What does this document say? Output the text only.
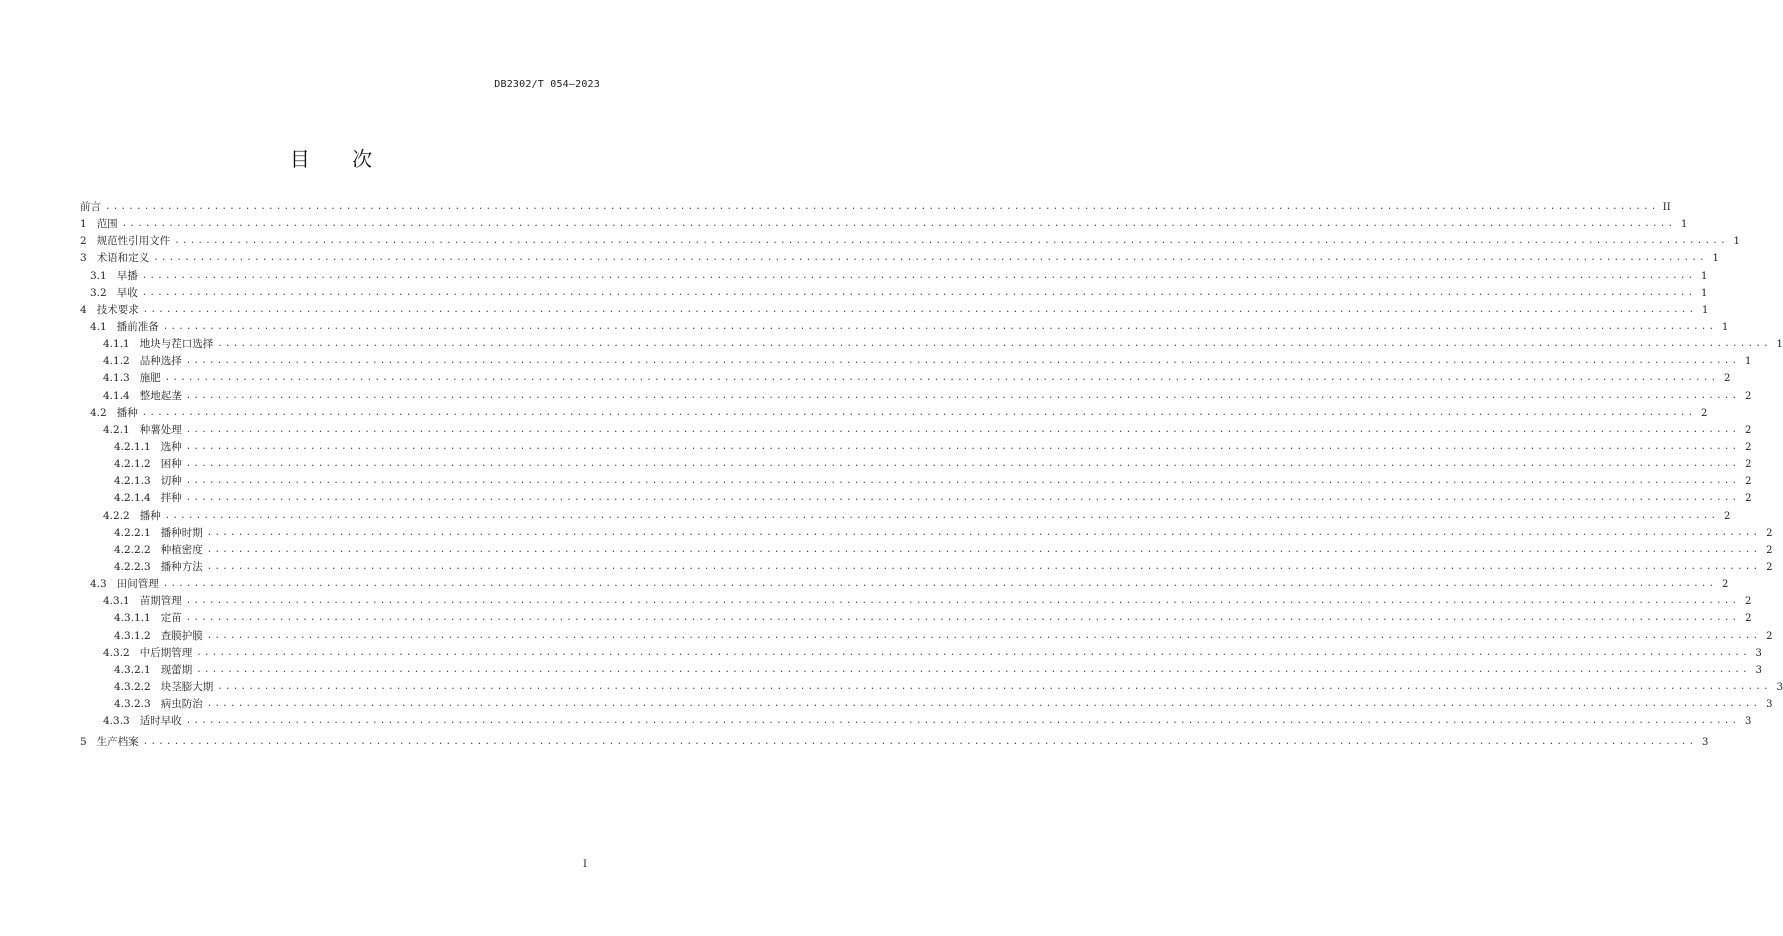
DB2302/T 054—2023
目 次
前言 ........................................................................................................................................................................................................ II
1 范围 ........................................................................................................................................................................................................ 1
2 规范性引用文件 ........................................................................................................................................................................................................ 1
3 术语和定义 ........................................................................................................................................................................................................ 1
3.1 早播 ........................................................................................................................................................................................................ 1
3.2 早收 ........................................................................................................................................................................................................ 1
4 技术要求 ........................................................................................................................................................................................................ 1
4.1 播前准备 ........................................................................................................................................................................................................ 1
4.1.1 地块与茬口选择 ........................................................................................................................................................................................................ 1
4.1.2 品种选择 ........................................................................................................................................................................................................ 1
4.1.3 施肥 ........................................................................................................................................................................................................ 2
4.1.4 整地起垄 ........................................................................................................................................................................................................ 2
4.2 播种 ........................................................................................................................................................................................................ 2
4.2.1 种薯处理 ........................................................................................................................................................................................................ 2
4.2.1.1 选种 ........................................................................................................................................................................................................ 2
4.2.1.2 困种 ........................................................................................................................................................................................................ 2
4.2.1.3 切种 ........................................................................................................................................................................................................ 2
4.2.1.4 拌种 ........................................................................................................................................................................................................ 2
4.2.2 播种 ........................................................................................................................................................................................................ 2
4.2.2.1 播种时期 ........................................................................................................................................................................................................ 2
4.2.2.2 种植密度 ........................................................................................................................................................................................................ 2
4.2.2.3 播种方法 ........................................................................................................................................................................................................ 2
4.3 田间管理 ........................................................................................................................................................................................................ 2
4.3.1 苗期管理 ........................................................................................................................................................................................................ 2
4.3.1.1 定苗 ........................................................................................................................................................................................................ 2
4.3.1.2 查膜护膜 ........................................................................................................................................................................................................ 2
4.3.2 中后期管理 ........................................................................................................................................................................................................ 3
4.3.2.1 现蕾期 ........................................................................................................................................................................................................ 3
4.3.2.2 块茎膨大期 ........................................................................................................................................................................................................ 3
4.3.2.3 病虫防治 ........................................................................................................................................................................................................ 3
4.3.3 适时早收 ........................................................................................................................................................................................................ 3
5 生产档案 ........................................................................................................................................................................................................ 3
I
